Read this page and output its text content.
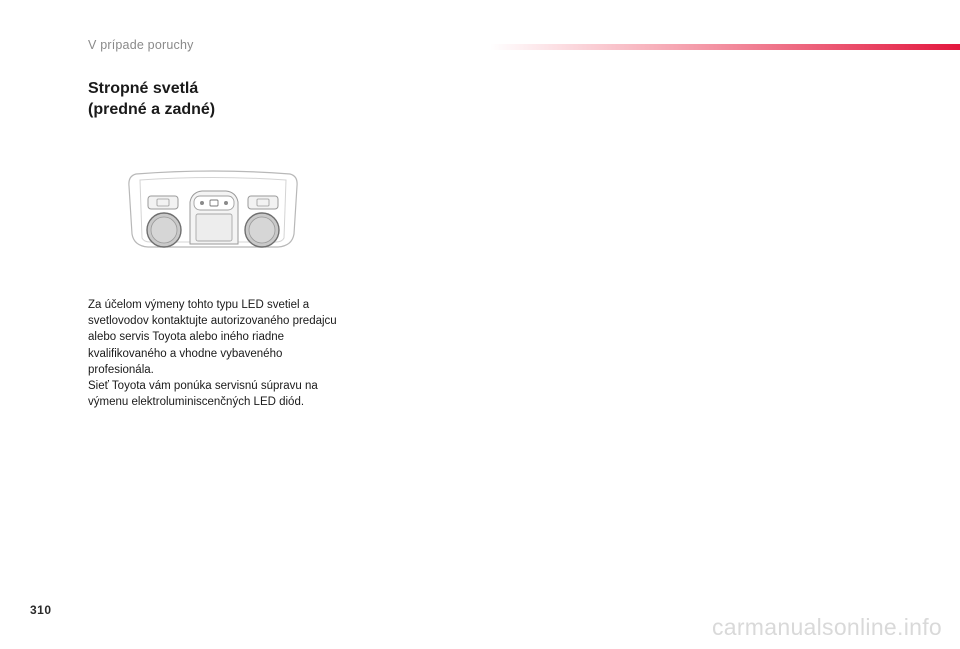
V prípade poruchy
Stropné svetlá
(predné a zadné)

Za účelom výmeny tohto typu LED svetiel a svetlovodov kontaktujte autorizovaného predajcu alebo servis Toyota alebo iného riadne kvalifikovaného a vhodne vybaveného profesionála.

Sieť Toyota vám ponúka servisnú súpravu na výmenu elektroluminiscenčných LED diód.

310
carmanualsonline.info
